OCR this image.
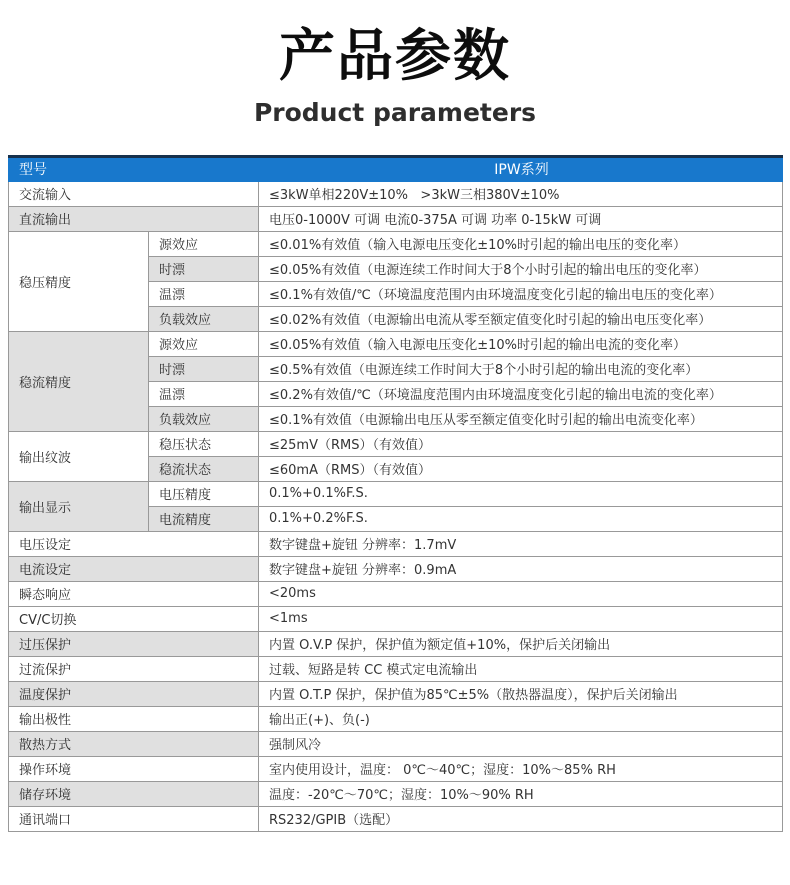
产品参数
Product parameters
型号		IPW系列
交流输入		≤3kW单相220V±10%   >3kW三相380V±10%
直流输出		电压0-1000V 可调 电流0-375A 可调 功率 0-15kW 可调
稳压精度	源效应	≤0.01%有效值（输入电源电压变化±10%时引起的输出电压的变化率）
	时漂	≤0.05%有效值（电源连续工作时间大于8个小时引起的输出电压的变化率）
	温漂	≤0.1%有效值/℃（环境温度范围内由环境温度变化引起的输出电压的变化率）
	负载效应	≤0.02%有效值（电源输出电流从零至额定值变化时引起的输出电压变化率）
稳流精度	源效应	≤0.05%有效值（输入电源电压变化±10%时引起的输出电流的变化率）
	时漂	≤0.5%有效值（电源连续工作时间大于8个小时引起的输出电流的变化率）
	温漂	≤0.2%有效值/℃（环境温度范围内由环境温度变化引起的输出电流的变化率）
	负载效应	≤0.1%有效值（电源输出电压从零至额定值变化时引起的输出电流变化率）
输出纹波	稳压状态	≤25mV（RMS）（有效值）
	稳流状态	≤60mA（RMS）（有效值）
输出显示	电压精度	0.1%+0.1%F.S.
	电流精度	0.1%+0.2%F.S.
电压设定		数字键盘+旋钮 分辨率：1.7mV
电流设定		数字键盘+旋钮 分辨率：0.9mA
瞬态响应		<20ms
CV/C切换		<1ms
过压保护		内置 O.V.P 保护，保护值为额定值+10%，保护后关闭输出
过流保护		过载、短路是转 CC 模式定电流输出
温度保护		内置 O.T.P 保护，保护值为85℃±5%（散热器温度），保护后关闭输出
输出极性		输出正(+)、负(-)
散热方式		强制风冷
操作环境		室内使用设计，温度： 0℃～40℃；湿度：10%～85% RH
储存环境		温度：-20℃～70℃；湿度：10%～90% RH
通讯端口		RS232/GPIB（选配）
